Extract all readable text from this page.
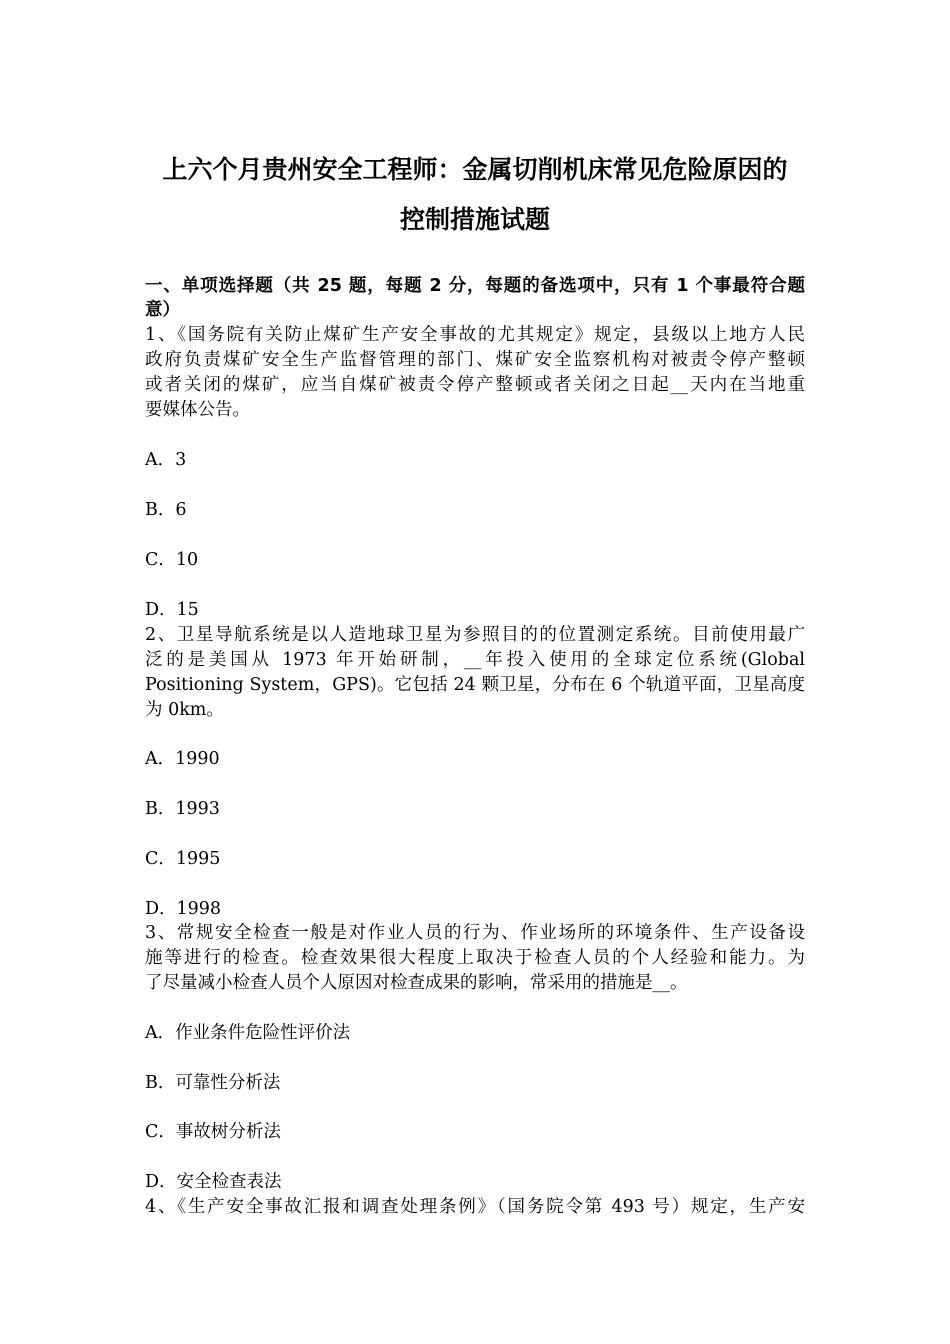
上六个月贵州安全工程师：金属切削机床常见危险原因的
控制措施试题
一、单项选择题（共 25 题，每题 2 分，每题的备选项中，只有 1 个事最符合题
意）
1、《国务院有关防止煤矿生产安全事故的尤其规定》规定，县级以上地方人民
政府负责煤矿安全生产监督管理的部门、煤矿安全监察机构对被责令停产整顿
或者关闭的煤矿，应当自煤矿被责令停产整顿或者关闭之日起__天内在当地重
要媒体公告。
A．3
B．6
C．10
D．15
2、卫星导航系统是以人造地球卫星为参照目的的位置测定系统。目前使用最广
泛的是美国从 1973 年开始研制，__年投入使用的全球定位系统(Global
Positioning System，GPS)。它包括 24 颗卫星，分布在 6 个轨道平面，卫星高度
为 0km。
A．1990
B．1993
C．1995
D．1998
3、常规安全检查一般是对作业人员的行为、作业场所的环境条件、生产设备设
施等进行的检查。检查效果很大程度上取决于检查人员的个人经验和能力。为
了尽量减小检查人员个人原因对检查成果的影响，常采用的措施是__。
A．作业条件危险性评价法
B．可靠性分析法
C．事故树分析法
D．安全检查表法
4、《生产安全事故汇报和调查处理条例》（国务院令第 493 号）规定，生产安
